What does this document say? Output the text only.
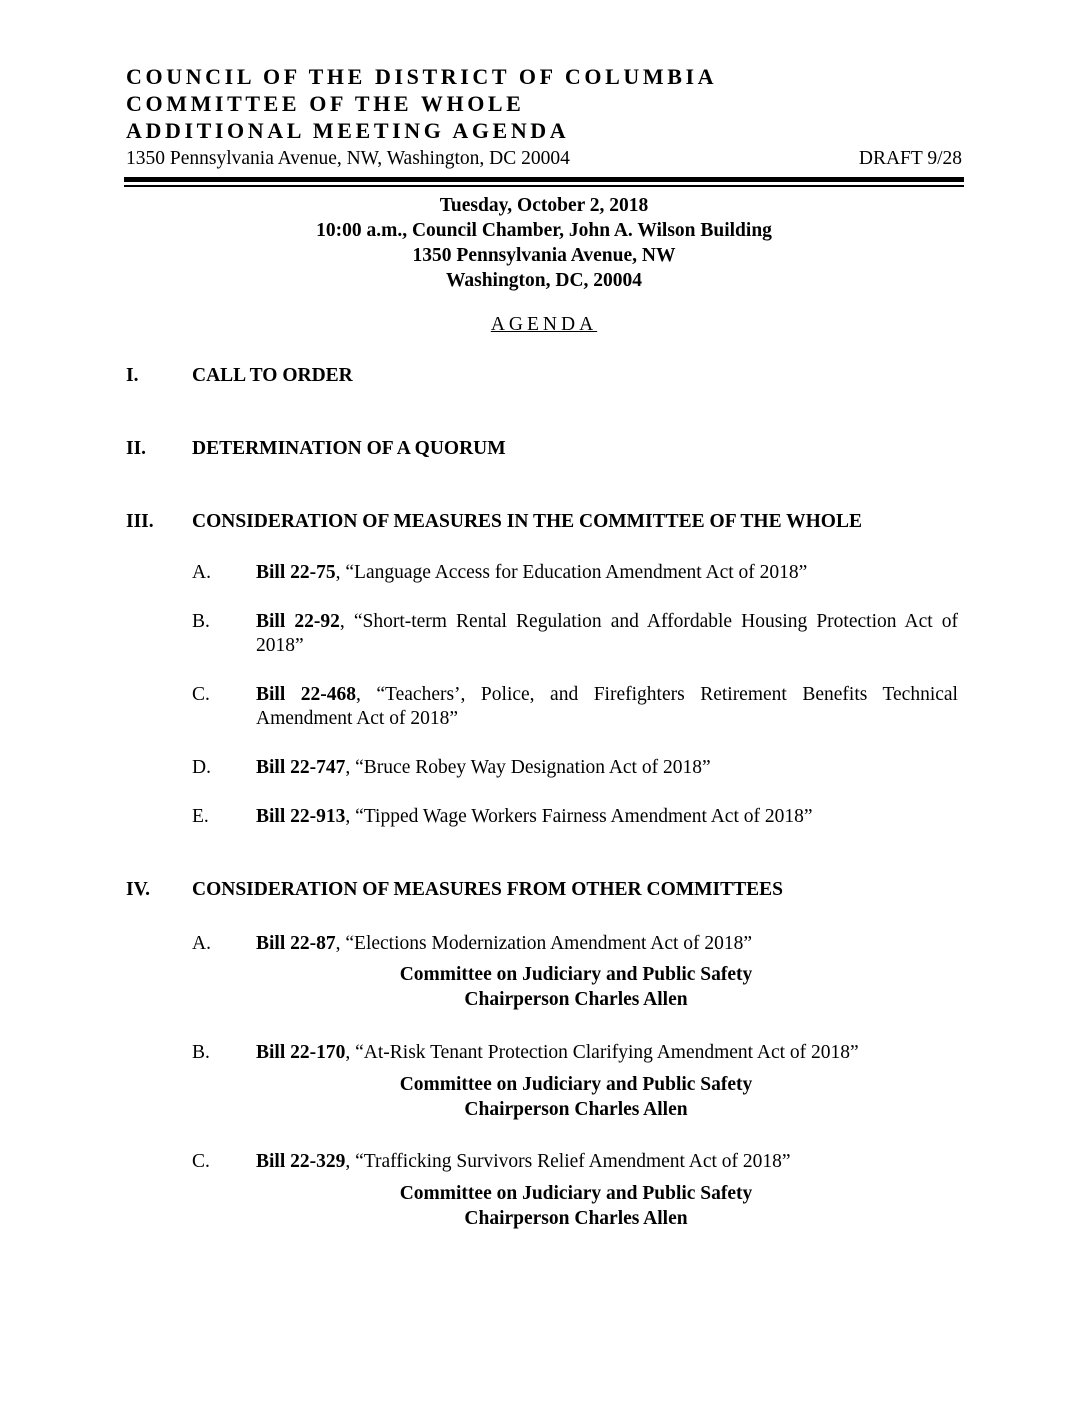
COUNCIL OF THE DISTRICT OF COLUMBIA
COMMITTEE OF THE WHOLE
ADDITIONAL MEETING AGENDA
1350 Pennsylvania Avenue, NW, Washington, DC 20004	DRAFT 9/28
Tuesday, October 2, 2018
10:00 a.m., Council Chamber, John A. Wilson Building
1350 Pennsylvania Avenue, NW
Washington, DC, 20004
AGENDA
I.	CALL TO ORDER
II. DETERMINATION OF A QUORUM
III. CONSIDERATION OF MEASURES IN THE COMMITTEE OF THE WHOLE
A. Bill 22-75, “Language Access for Education Amendment Act of 2018”
B. Bill 22-92, “Short-term Rental Regulation and Affordable Housing Protection Act of 2018”
C. Bill 22-468, “Teachers’, Police, and Firefighters Retirement Benefits Technical Amendment Act of 2018”
D. Bill 22-747, “Bruce Robey Way Designation Act of 2018”
E. Bill 22-913, “Tipped Wage Workers Fairness Amendment Act of 2018”
IV. CONSIDERATION OF MEASURES FROM OTHER COMMITTEES
A. Bill 22-87, “Elections Modernization Amendment Act of 2018”
Committee on Judiciary and Public Safety
Chairperson Charles Allen
B. Bill 22-170, “At-Risk Tenant Protection Clarifying Amendment Act of 2018”
Committee on Judiciary and Public Safety
Chairperson Charles Allen
C. Bill 22-329, “Trafficking Survivors Relief Amendment Act of 2018”
Committee on Judiciary and Public Safety
Chairperson Charles Allen
